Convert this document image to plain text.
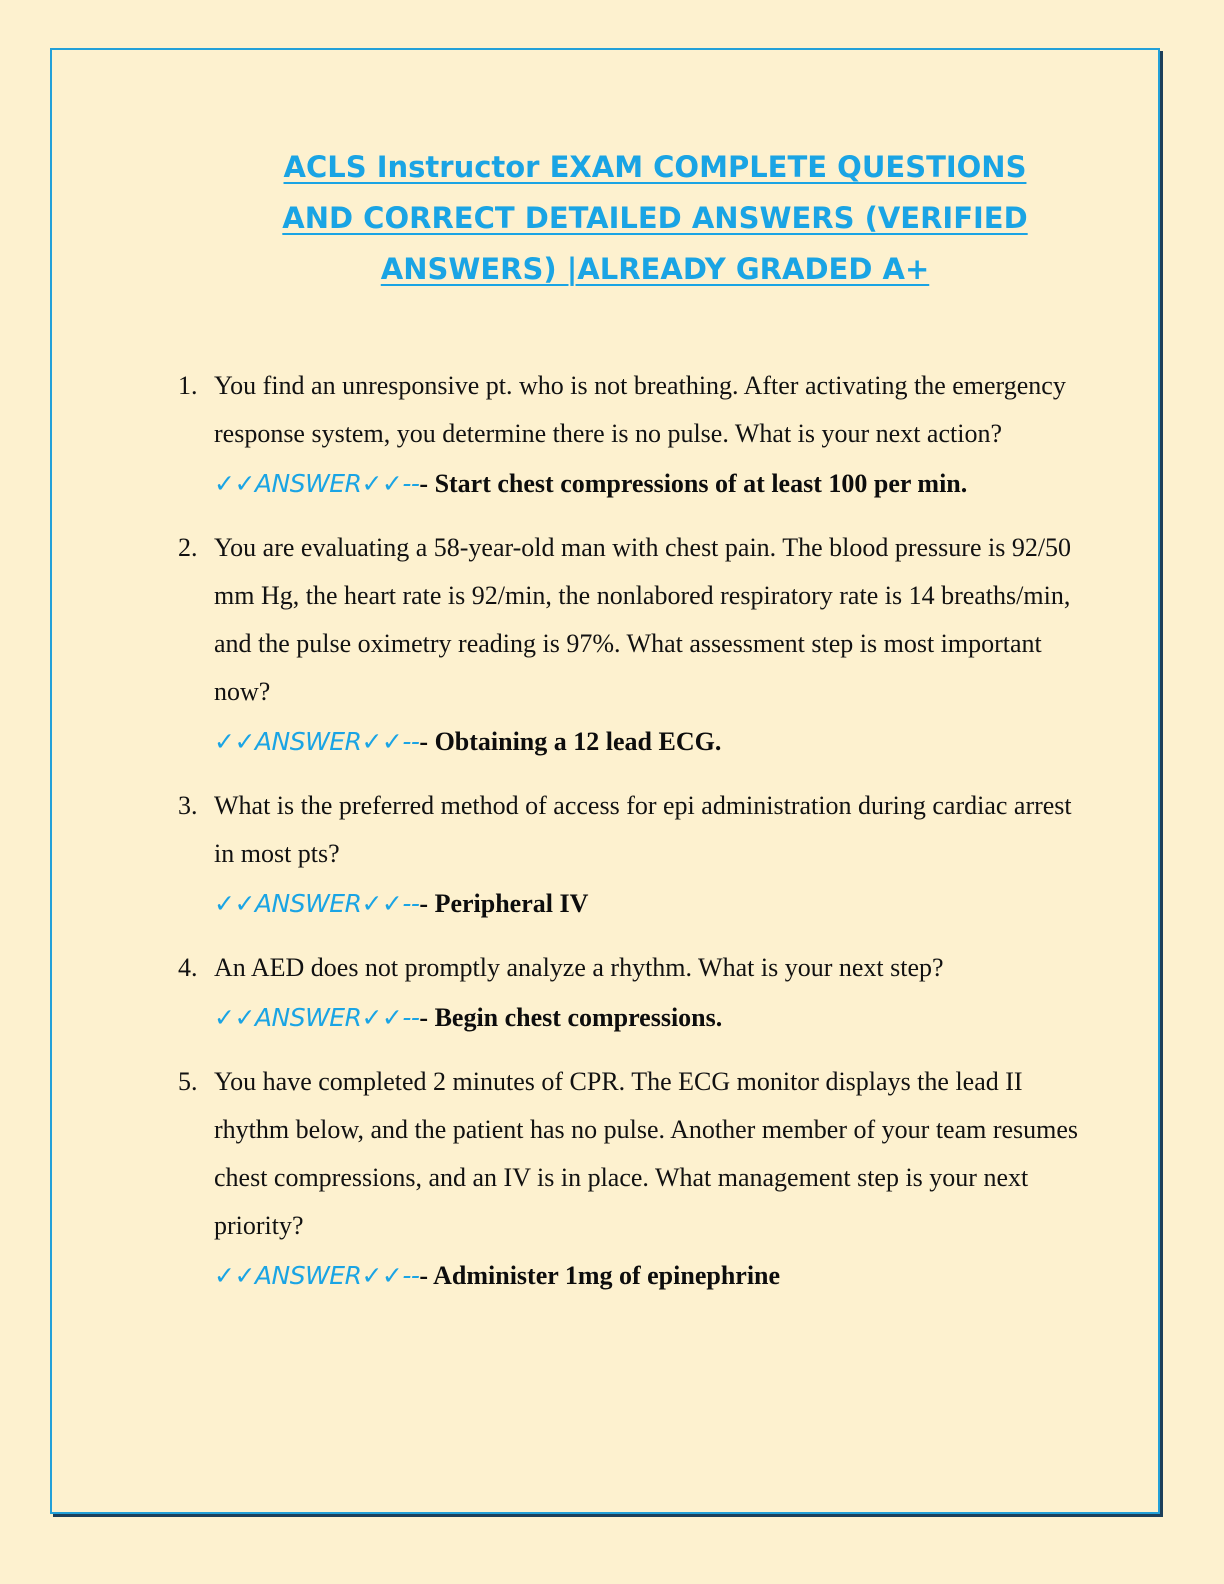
ACLS Instructor EXAM COMPLETE QUESTIONS
AND CORRECT DETAILED ANSWERS (VERIFIED
ANSWERS) |ALREADY GRADED A+
1. You find an unresponsive pt. who is not breathing. After activating the emergency response system, you determine there is no pulse. What is your next action?

✓✓ANSWER✓✓--- Start chest compressions of at least 100 per min.
2. You are evaluating a 58-year-old man with chest pain. The blood pressure is 92/50 mm Hg, the heart rate is 92/min, the nonlabored respiratory rate is 14 breaths/min, and the pulse oximetry reading is 97%. What assessment step is most important now?

✓✓ANSWER✓✓--- Obtaining a 12 lead ECG.
3. What is the preferred method of access for epi administration during cardiac arrest in most pts?

✓✓ANSWER✓✓--- Peripheral IV
4. An AED does not promptly analyze a rhythm. What is your next step?

✓✓ANSWER✓✓--- Begin chest compressions.
5. You have completed 2 minutes of CPR. The ECG monitor displays the lead II rhythm below, and the patient has no pulse. Another member of your team resumes chest compressions, and an IV is in place. What management step is your next priority?

✓✓ANSWER✓✓--- Administer 1mg of epinephrine
